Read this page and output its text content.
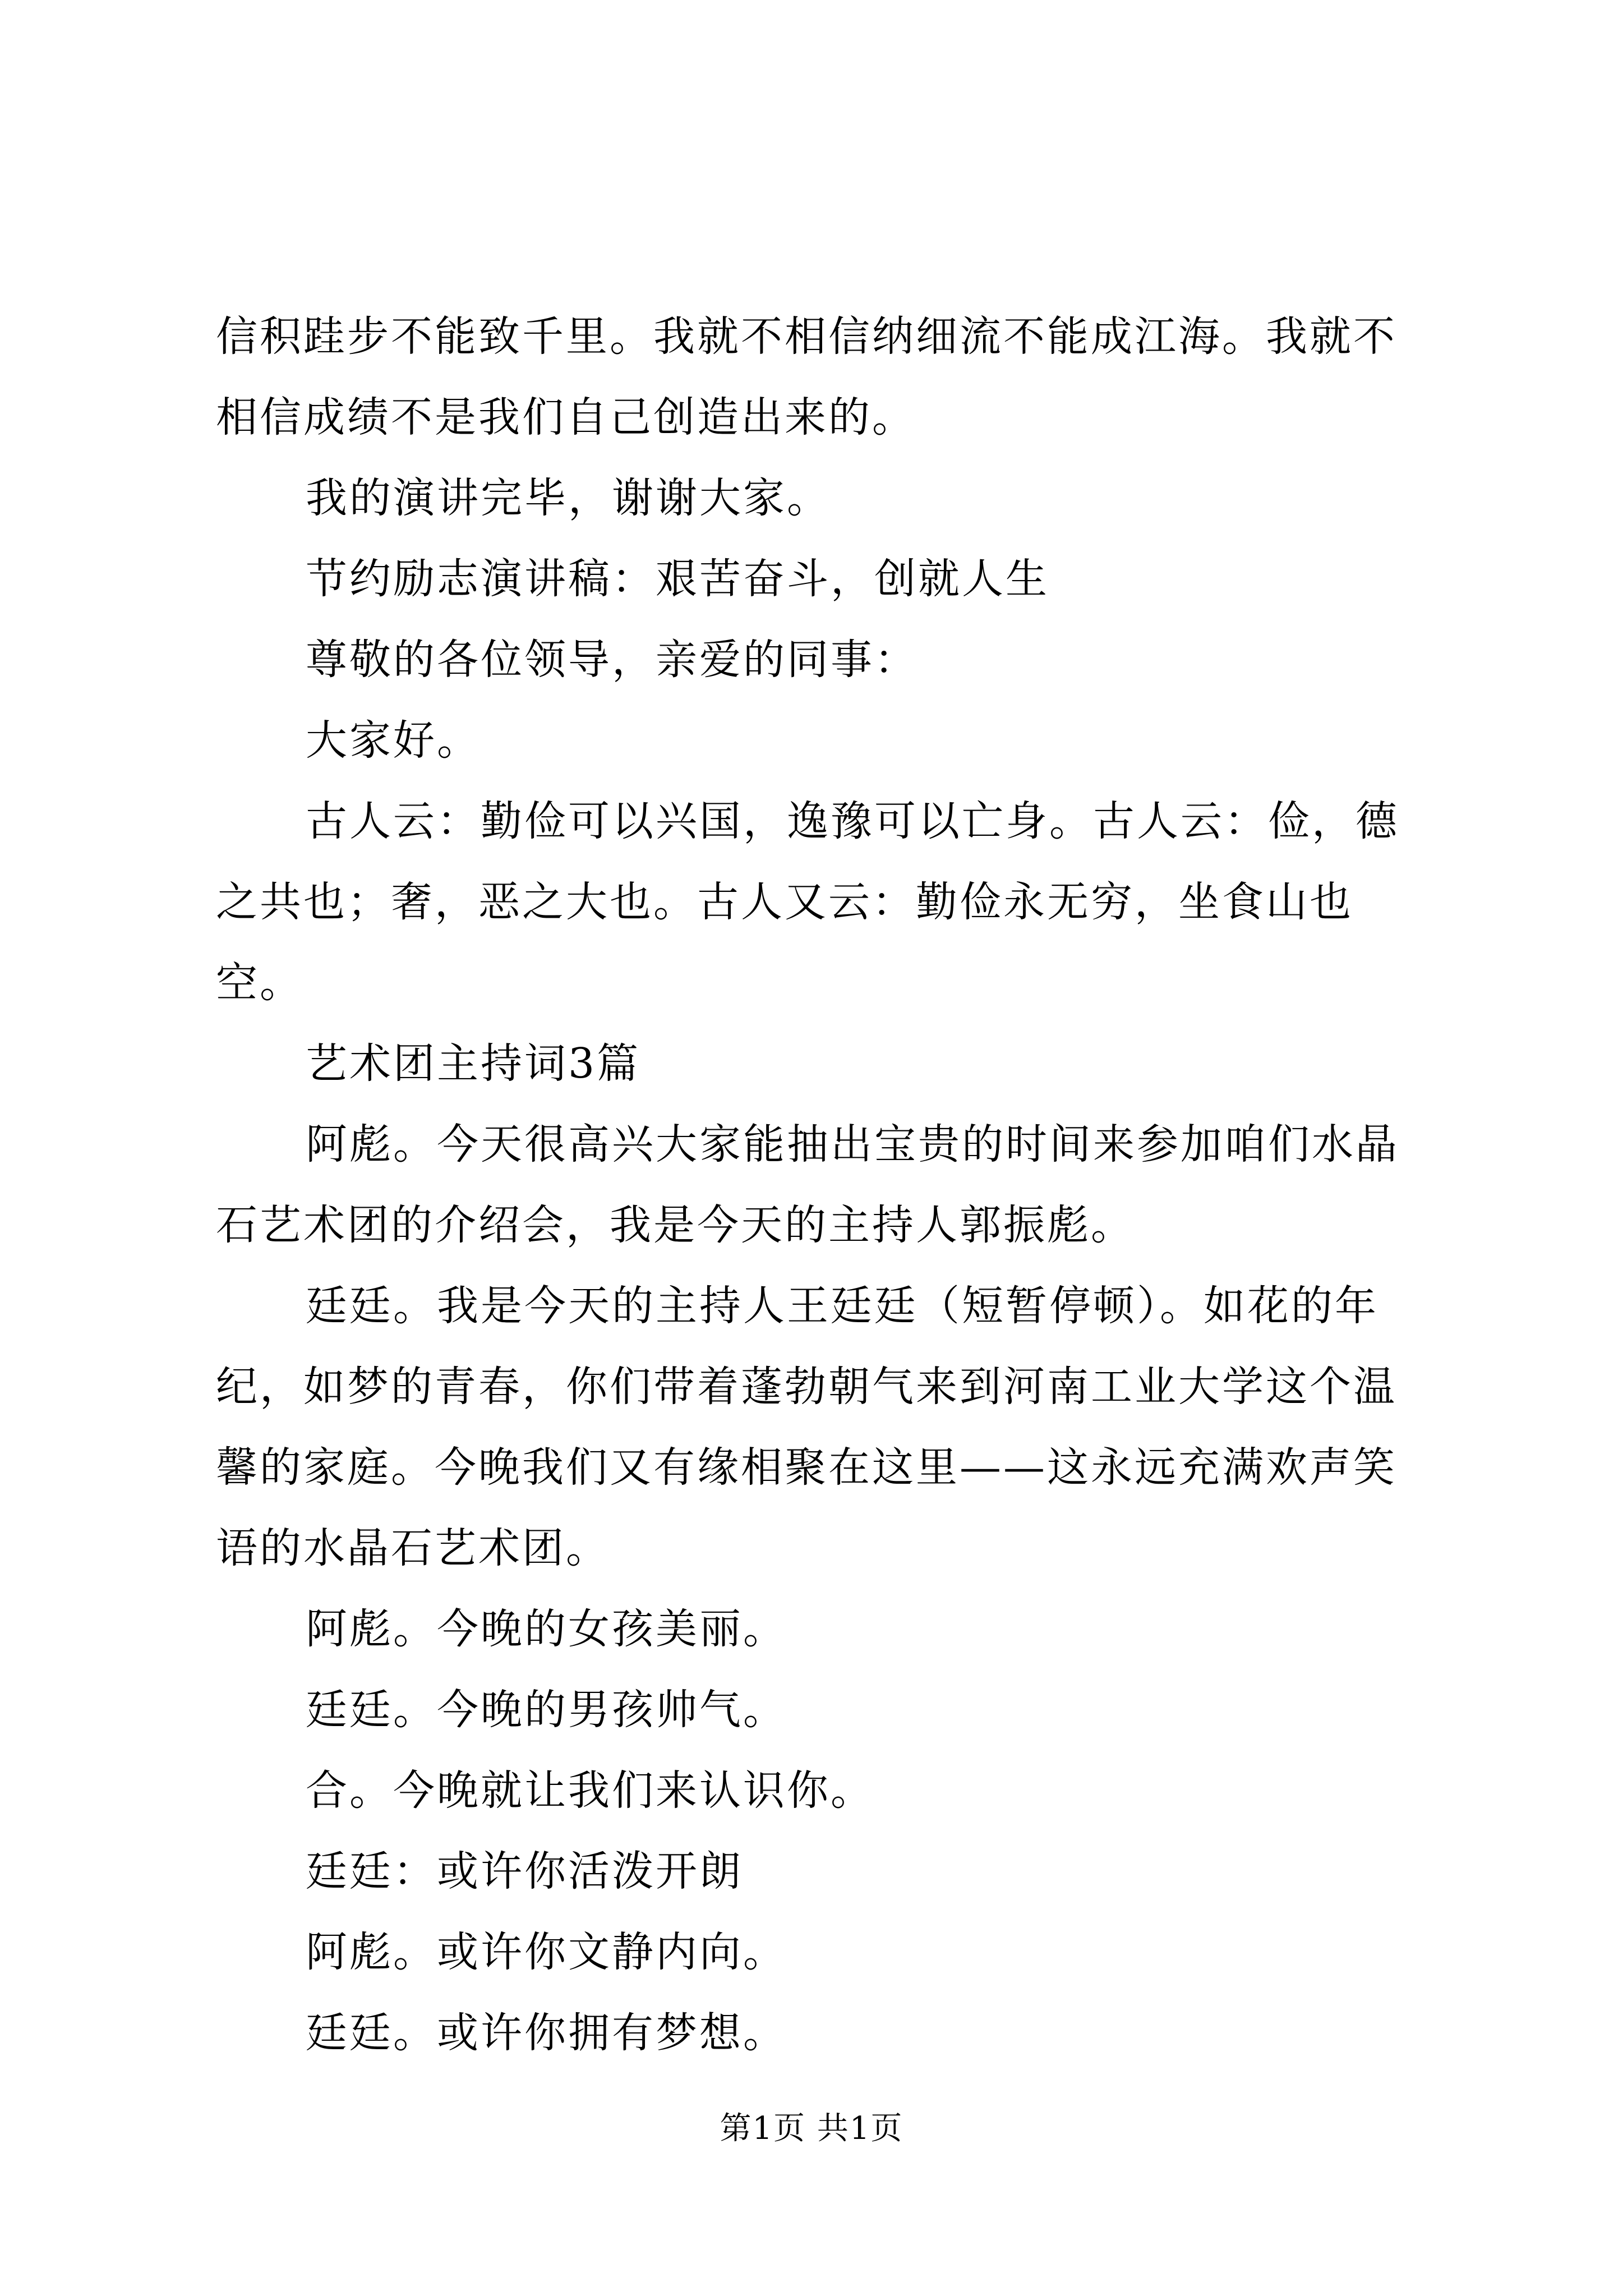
信积跬步不能致千里。我就不相信纳细流不能成江海。我就不相信成绩不是我们自己创造出来的。

我的演讲完毕，谢谢大家。

节约励志演讲稿：艰苦奋斗，创就人生

尊敬的各位领导，亲爱的同事：

大家好。

古人云：勤俭可以兴国，逸豫可以亡身。古人云：俭，德之共也；奢，恶之大也。古人又云：勤俭永无穷，坐食山也空。

艺术团主持词3篇

阿彪。今天很高兴大家能抽出宝贵的时间来参加咱们水晶石艺术团的介绍会，我是今天的主持人郭振彪。

廷廷。我是今天的主持人王廷廷（短暂停顿）。如花的年纪，如梦的青春，你们带着蓬勃朝气来到河南工业大学这个温馨的家庭。今晚我们又有缘相聚在这里——这永远充满欢声笑语的水晶石艺术团。

阿彪。今晚的女孩美丽。

廷廷。今晚的男孩帅气。

合。今晚就让我们来认识你。

廷廷：或许你活泼开朗

阿彪。或许你文静内向。

廷廷。或许你拥有梦想。

第1页 共1页
